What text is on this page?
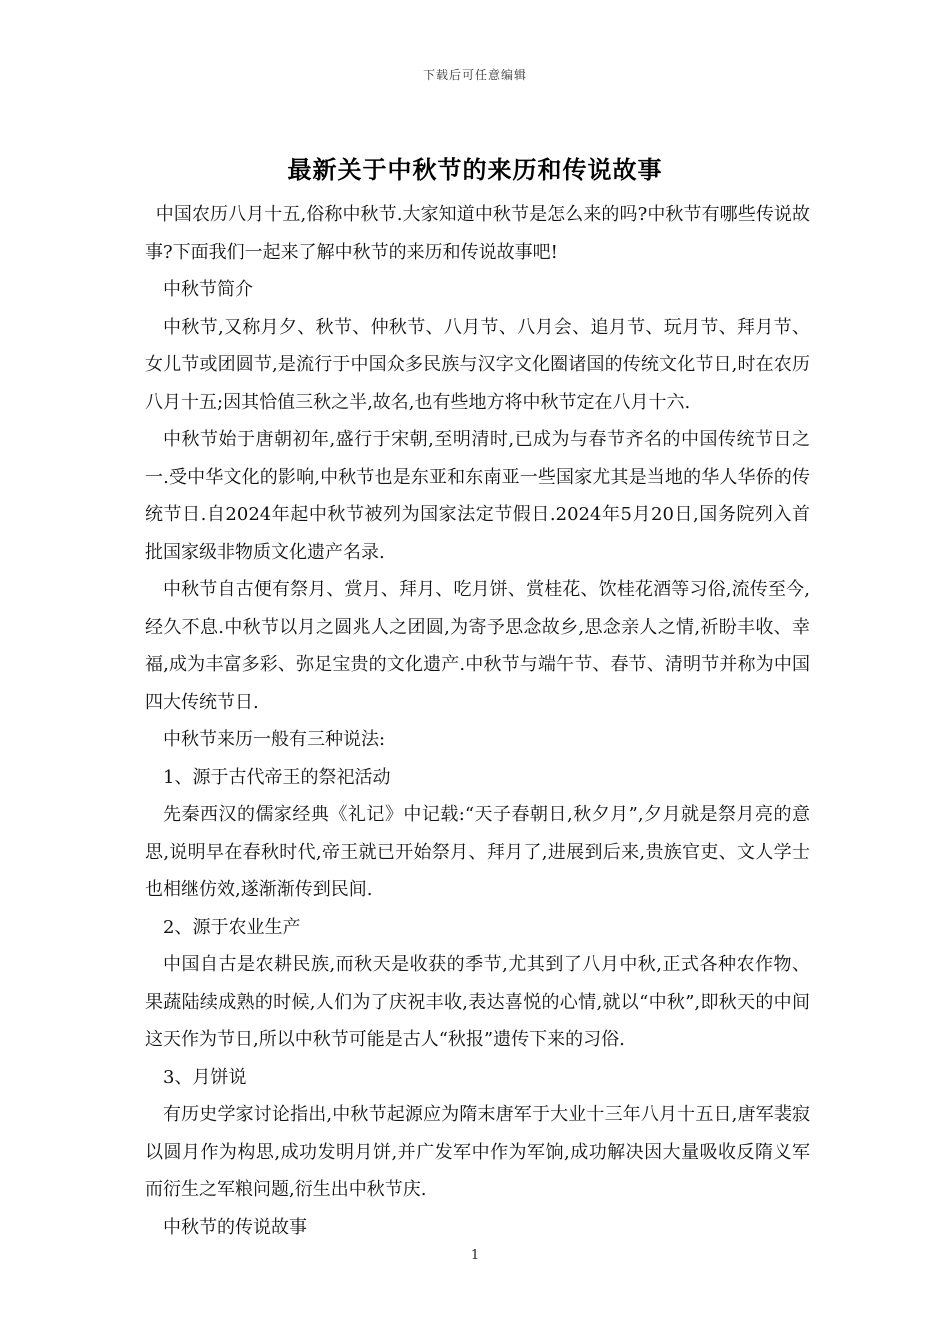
下载后可任意编辑
最新关于中秋节的来历和传说故事

中国农历八月十五,俗称中秋节.大家知道中秋节是怎么来的吗?中秋节有哪些传说故事?下面我们一起来了解中秋节的来历和传说故事吧!

中秋节简介

中秋节,又称月夕、秋节、仲秋节、八月节、八月会、追月节、玩月节、拜月节、女儿节或团圆节,是流行于中国众多民族与汉字文化圈诸国的传统文化节日,时在农历八月十五;因其恰值三秋之半,故名,也有些地方将中秋节定在八月十六.

中秋节始于唐朝初年,盛行于宋朝,至明清时,已成为与春节齐名的中国传统节日之一.受中华文化的影响,中秋节也是东亚和东南亚一些国家尤其是当地的华人华侨的传统节日.自2024年起中秋节被列为国家法定节假日.2024年5月20日,国务院列入首批国家级非物质文化遗产名录.

中秋节自古便有祭月、赏月、拜月、吃月饼、赏桂花、饮桂花酒等习俗,流传至今,经久不息.中秋节以月之圆兆人之团圆,为寄予思念故乡,思念亲人之情,祈盼丰收、幸福,成为丰富多彩、弥足宝贵的文化遗产.中秋节与端午节、春节、清明节并称为中国四大传统节日.

中秋节来历一般有三种说法:

1、源于古代帝王的祭祀活动

先秦西汉的儒家经典《礼记》中记载:“天子春朝日,秋夕月”,夕月就是祭月亮的意思,说明早在春秋时代,帝王就已开始祭月、拜月了,进展到后来,贵族官吏、文人学士也相继仿效,遂渐渐传到民间.

2、源于农业生产

中国自古是农耕民族,而秋天是收获的季节,尤其到了八月中秋,正式各种农作物、果蔬陆续成熟的时候,人们为了庆祝丰收,表达喜悦的心情,就以“中秋”,即秋天的中间这天作为节日,所以中秋节可能是古人“秋报”遗传下来的习俗.

3、月饼说

有历史学家讨论指出,中秋节起源应为隋末唐军于大业十三年八月十五日,唐军裴寂以圆月作为构思,成功发明月饼,并广发军中作为军饷,成功解决因大量吸收反隋义军而衍生之军粮问题,衍生出中秋节庆.

中秋节的传说故事

1
